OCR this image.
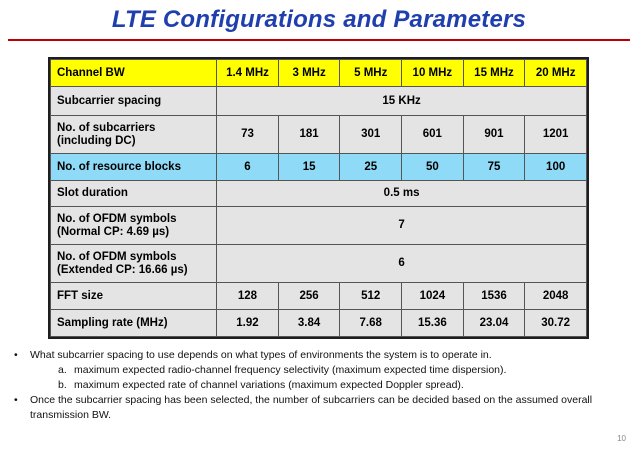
LTE Configurations and Parameters
Channel BW	1.4 MHz	3 MHz	5 MHz	10 MHz	15 MHz	20 MHz
Subcarrier spacing	15 KHz					

No. of subcarriers
(including DC)	73	181	301	601	901	1201
No. of resource blocks	6	15	25	50	75	100
Slot duration	0.5 ms					

No. of OFDM symbols
(Normal CP: 4.69 µs)	7					

No. of OFDM symbols
(Extended CP: 16.66 µs)	6					
FFT size	128	256	512	1024	1536	2048
Sampling rate (MHz)	1.92	3.84	7.68	15.36	23.04	30.72
• What subcarrier spacing to use depends on what types of environments the system is to operate in.
a. maximum expected radio-channel frequency selectivity (maximum expected time dispersion).
b. maximum expected rate of channel variations (maximum expected Doppler spread).
• Once the subcarrier spacing has been selected, the number of subcarriers can be decided based on the assumed overall transmission BW.
10
